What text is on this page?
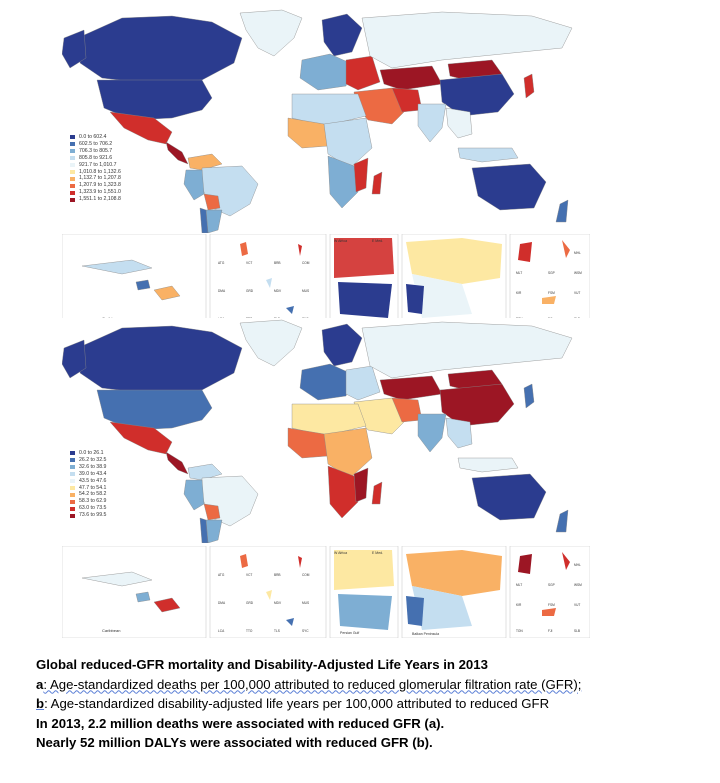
0.0 to 602.4
602.5 to 706.2
706.3 to 805.7
805.8 to 921.6
921.7 to 1,010.7
1,010.8 to 1,132.6
1,132.7 to 1,207.8
1,207.9 to 1,323.8
1,323.9 to 1,551.0
1,551.1 to 2,108.8
ATG	VCT	BRB	COM
DMA	GRD	MDV	MUS
MLT	SGP	WSM
KIR	FSM	VUT
MHL
W Africa	E Med.
0.0 to 26.1
26.2 to 32.5
32.6 to 38.9
39.0 to 43.4
43.5 to 47.6
47.7 to 54.1
54.2 to 58.2
58.3 to 62.9
63.0 to 73.5
73.6 to 99.5
Caribbean	Persian Gulf	Balkan Peninsula
ATG	VCT	BRB	COM
DMA	GRD	MDV	MUS
LCA	TTO	TLS	SYC
MLT	SGP	WSM
KIR	FSM
TON	FJI	SLB
VUT
MHL
W Africa	E Med.

Global reduced-GFR mortality and Disability-Adjusted Life Years in 2013

a: Age-standardized deaths per 100,000 attributed to reduced glomerular filtration rate (GFR);

b: Age-standardized disability-adjusted life years per 100,000 attributed to reduced GFR

In 2013, 2.2 million deaths were associated with reduced GFR (a).

Nearly 52 million DALYs were associated with reduced GFR (b).
